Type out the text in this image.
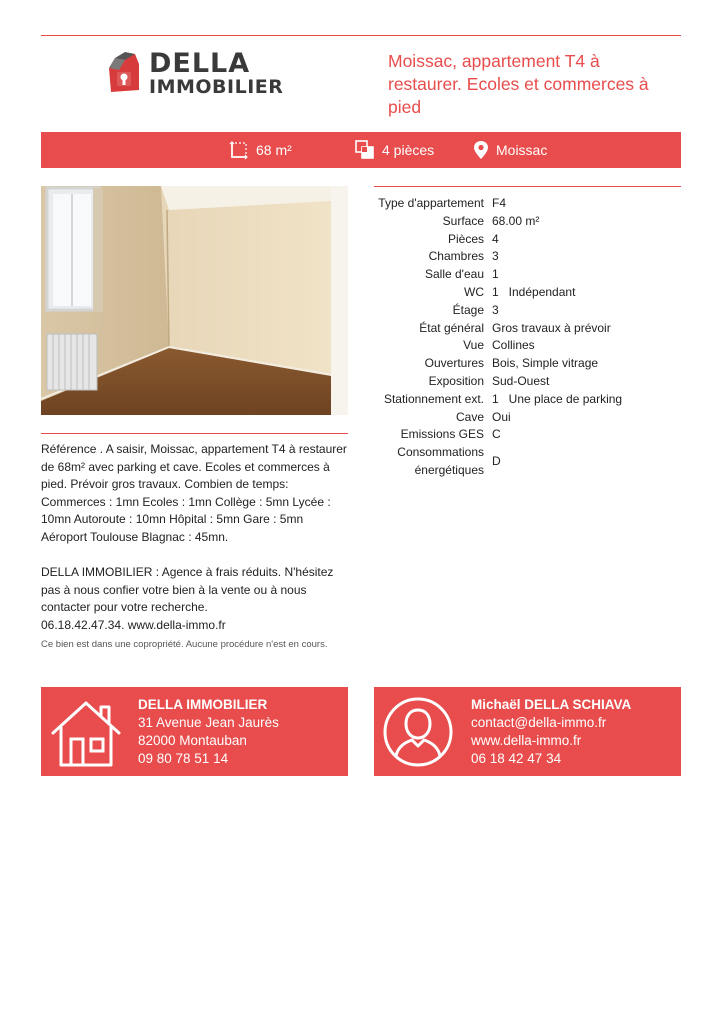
DELLA
IMMOBILIER
Moissac, appartement T4 à restaurer. Ecoles et commerces à pied
68 m²	4 pièces	Moissac

Référence . A saisir, Moissac, appartement T4 à restaurer de 68m² avec parking et cave. Ecoles et commerces à pied. Prévoir gros travaux. Combien de temps: Commerces : 1mn Ecoles : 1mn Collège : 5mn Lycée : 10mn Autoroute : 10mn Hôpital : 5mn Gare : 5mn Aéroport Toulouse Blagnac : 45mn.

DELLA IMMOBILIER : Agence à frais réduits. N'hésitez pas à nous confier votre bien à la vente ou à nous contacter pour votre recherche.

06.18.42.47.34. www.della-immo.fr

Ce bien est dans une copropriété. Aucune procédure n'est en cours.

Type d'appartement F4
Surface 68.00 m²
Pièces 4
Chambres 3
Salle d'eau 1
WC 1   Indépendant
Étage 3
État général Gros travaux à prévoir
Vue Collines
Ouvertures Bois, Simple vitrage
Exposition Sud-Ouest
Stationnement ext. 1   Une place de parking
Cave Oui
Emissions GES C
Consommations énergétiques
D
DELLA IMMOBILIER
31 Avenue Jean Jaurès
82000 Montauban
09 80 78 51 14
Michaël DELLA SCHIAVA
contact@della-immo.fr
www.della-immo.fr
06 18 42 47 34
